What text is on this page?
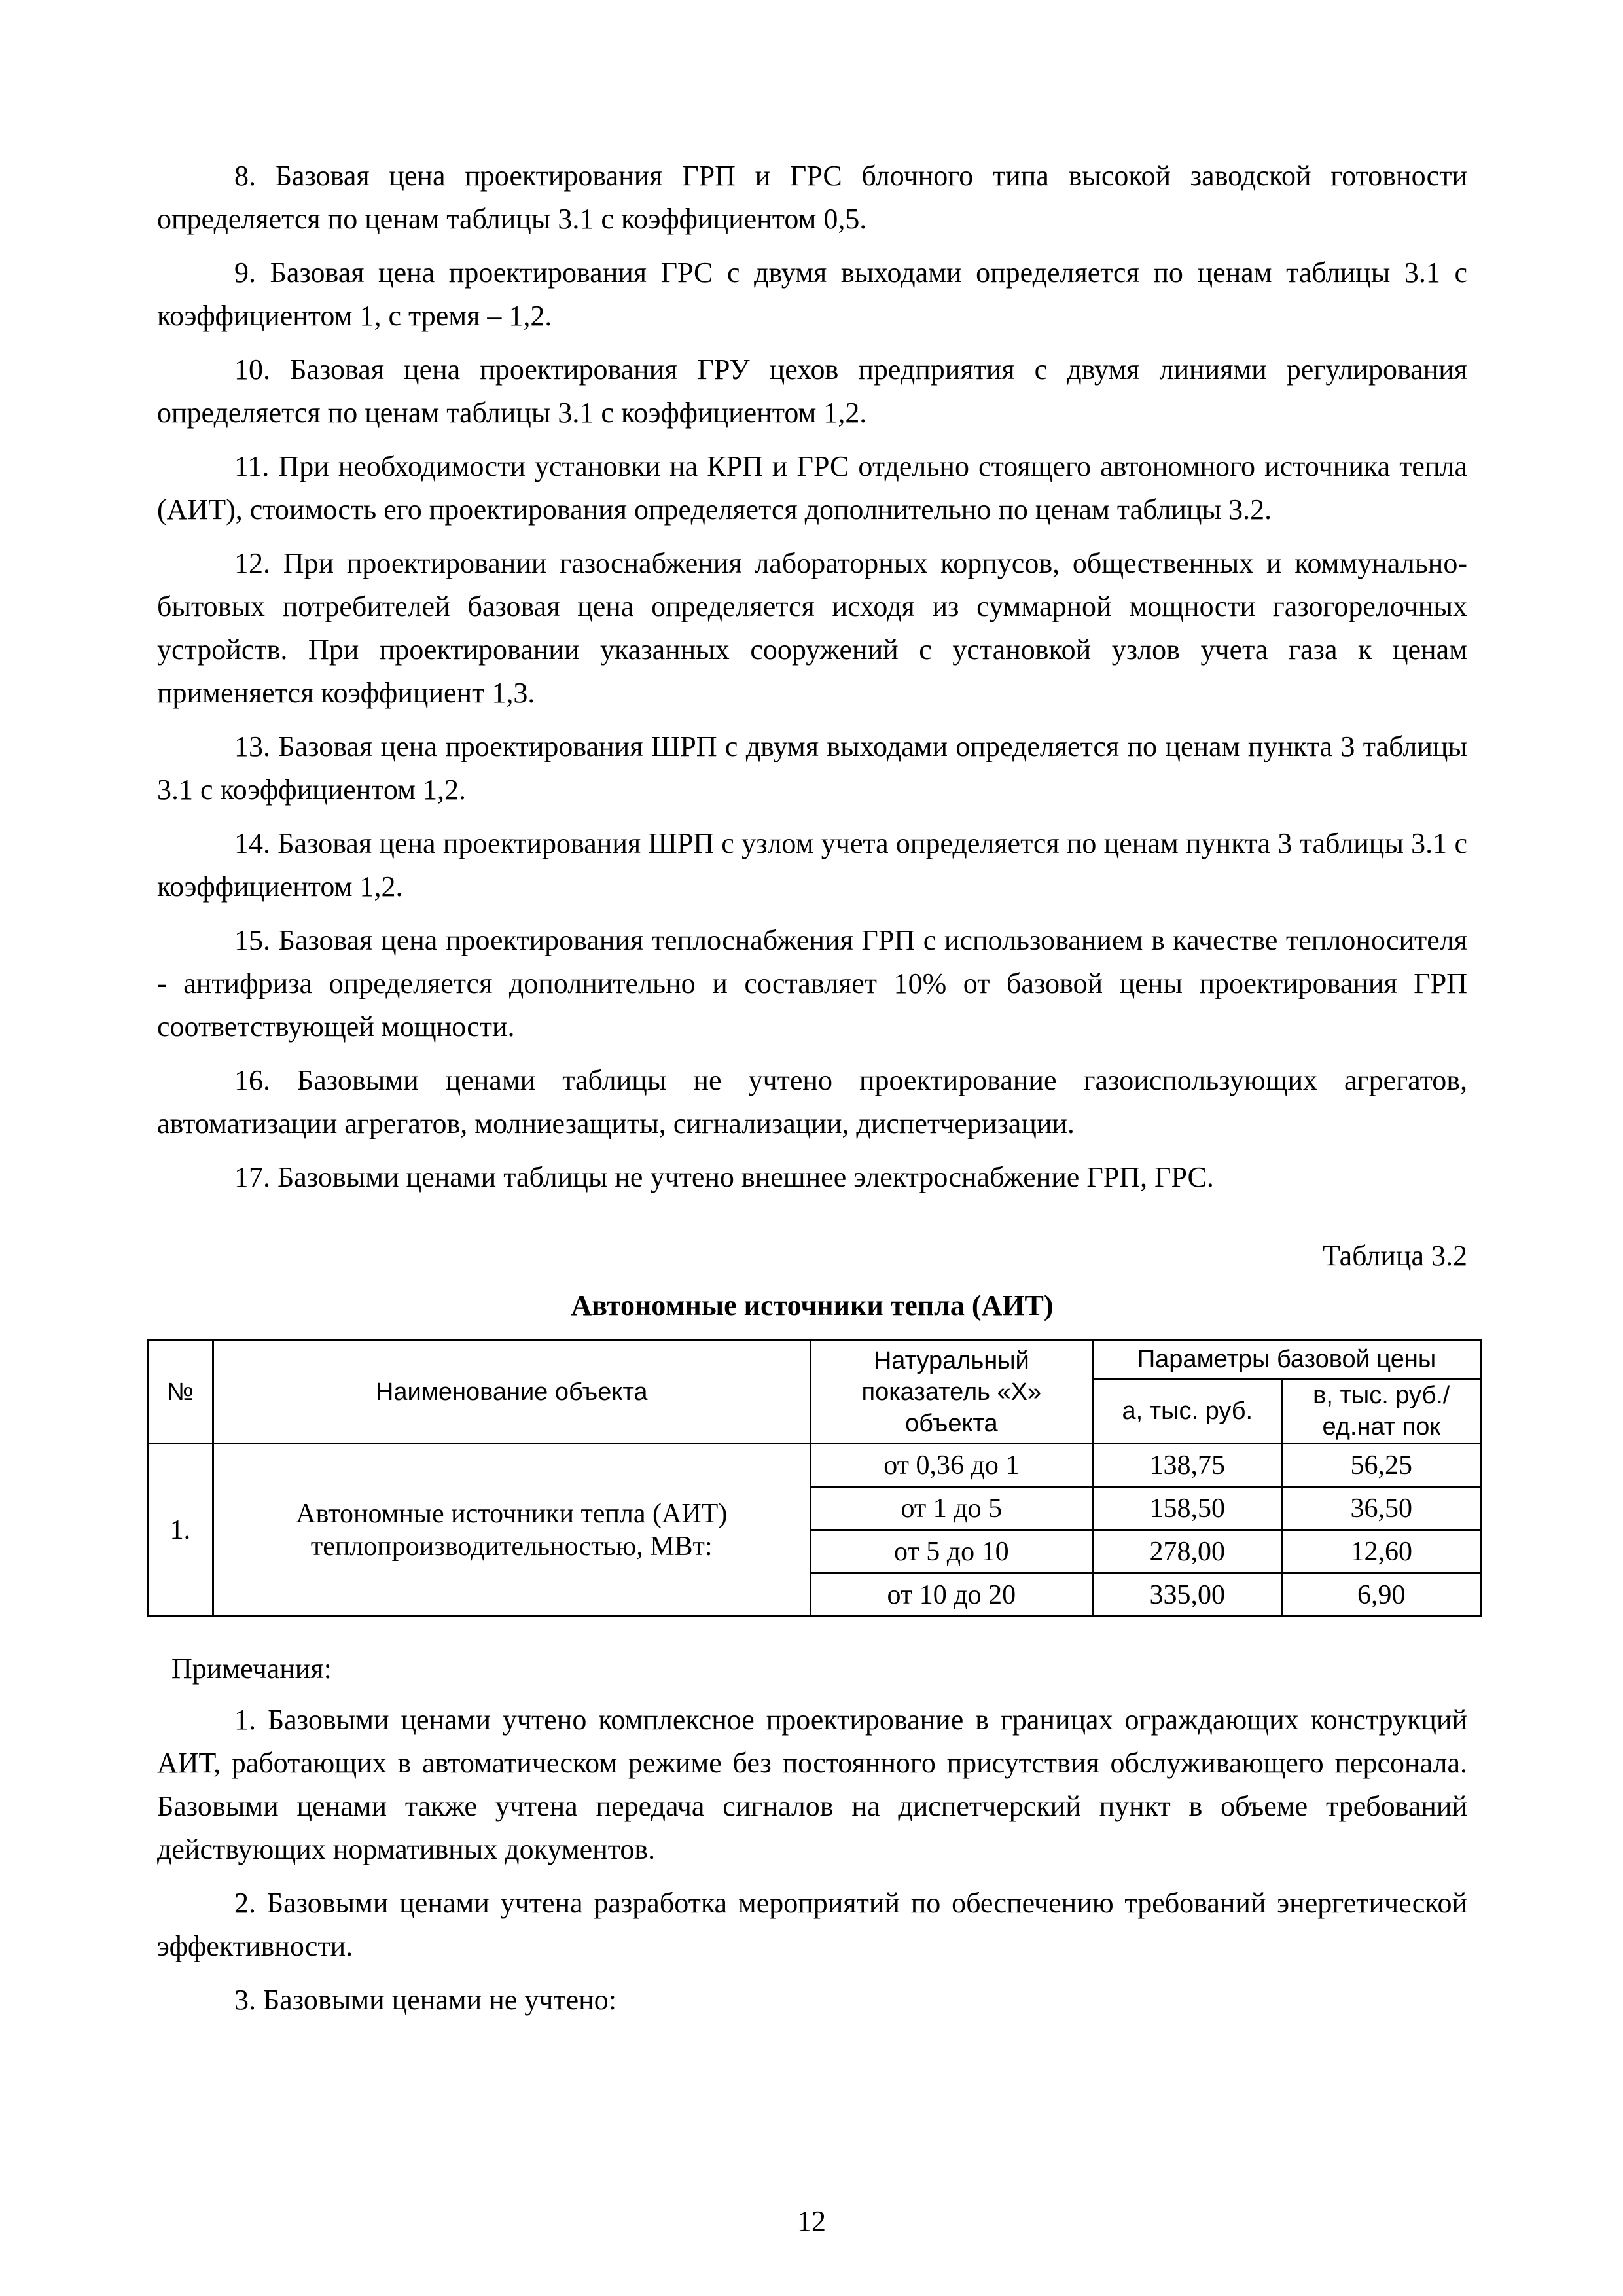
8. Базовая цена проектирования ГРП и ГРС блочного типа высокой заводской готовности определяется по ценам таблицы 3.1 с коэффициентом 0,5.

9. Базовая цена проектирования ГРС с двумя выходами определяется по ценам таблицы 3.1 с коэффициентом 1, с тремя – 1,2.

10. Базовая цена проектирования ГРУ цехов предприятия с двумя линиями регулирования определяется по ценам таблицы 3.1 с коэффициентом 1,2.

11. При необходимости установки на КРП и ГРС отдельно стоящего автономного источника тепла (АИТ), стоимость его проектирования определяется дополнительно по ценам таблицы 3.2.

12. При проектировании газоснабжения лабораторных корпусов, общественных и коммунально-бытовых потребителей базовая цена определяется исходя из суммарной мощности газогорелочных устройств. При проектировании указанных сооружений с установкой узлов учета газа к ценам применяется коэффициент 1,3.

13. Базовая цена проектирования ШРП с двумя выходами определяется по ценам пункта 3 таблицы 3.1 с коэффициентом 1,2.

14. Базовая цена проектирования ШРП с узлом учета определяется по ценам пункта 3 таблицы 3.1 с коэффициентом 1,2.

15. Базовая цена проектирования теплоснабжения ГРП с использованием в качестве теплоносителя - антифриза определяется дополнительно и составляет 10% от базовой цены проектирования ГРП соответствующей мощности.

16. Базовыми ценами таблицы не учтено проектирование газоиспользующих агрегатов, автоматизации агрегатов, молниезащиты, сигнализации, диспетчеризации.

17. Базовыми ценами таблицы не учтено внешнее электроснабжение ГРП, ГРС.

Таблица 3.2
Автономные источники тепла (АИТ)
№	Наименование объекта	Натуральный показатель «X» объекта	Параметры базовой цены	
			а, тыс. руб.	в, тыс. руб./ ед.нат пок
1.	Автономные источники тепла (АИТ) теплопроизводительностью, МВт:	от 0,36 до 1	138,75	56,25
		от 1 до 5	158,50	36,50
		от 5 до 10	278,00	12,60
		от 10 до 20	335,00	6,90
Примечания:

1. Базовыми ценами учтено комплексное проектирование в границах ограждающих конструкций АИТ, работающих в автоматическом режиме без постоянного присутствия обслуживающего персонала. Базовыми ценами также учтена передача сигналов на диспетчерский пункт в объеме требований действующих нормативных документов.

2. Базовыми ценами учтена разработка мероприятий по обеспечению требований энергетической эффективности.

3. Базовыми ценами не учтено:

12
